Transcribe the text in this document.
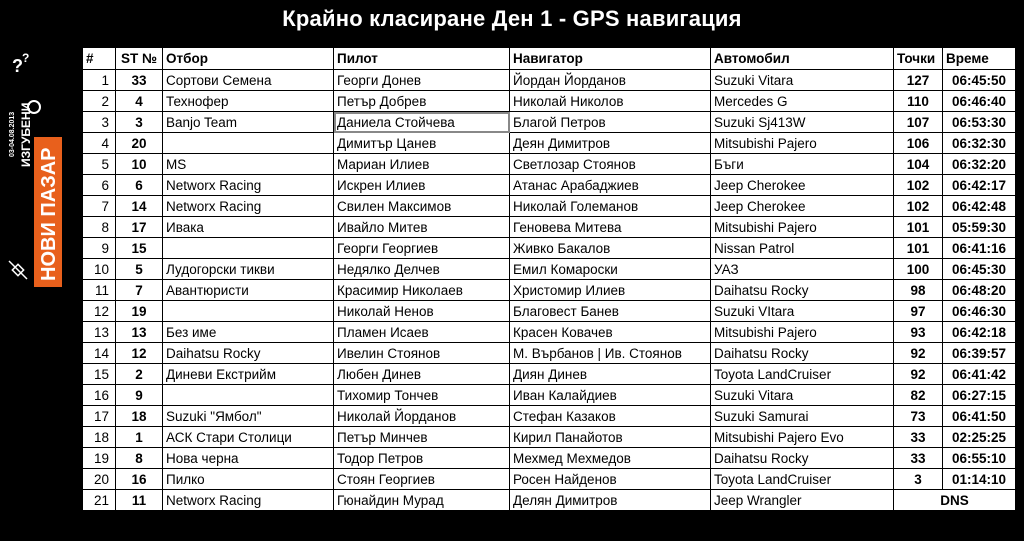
Крайно класиране Ден 1 - GPS навигация
? ?
НОВИ ПАЗАР
ИЗГУБЕНИ
03-04.08.2013
#	ST №	Отбор	Пилот	Навигатор	Автомобил	Точки	Време
1	33	Сортови Семена	Георги Донев	Йордан Йорданов	Suzuki Vitara	127	06:45:50
2	4	Технофер	Петър Добрев	Николай Николов	Mercedes G	110	06:46:40
3	3	Banjo Team	Даниела Стойчева	Благой Петров	Suzuki Sj413W	107	06:53:30
4	20		Димитър Цанев	Деян Димитров	Mitsubishi Pajero	106	06:32:30
5	10	MS	Мариан Илиев	Светлозар Стоянов	Бъги	104	06:32:20
6	6	Networx Racing	Искрен Илиев	Атанас Арабаджиев	Jeep Cherokee	102	06:42:17
7	14	Networx Racing	Свилен Максимов	Николай Големанов	Jeep Cherokee	102	06:42:48
8	17	Ивака	Ивайло Митев	Геновева Митева	Mitsubishi Pajero	101	05:59:30
9	15		Георги Георгиев	Живко Бакалов	Nissan Patrol	101	06:41:16
10	5	Лудогорски тикви	Недялко Делчев	Емил Комароски	УАЗ	100	06:45:30
11	7	Авантюристи	Красимир Николаев	Христомир Илиев	Daihatsu Rocky	98	06:48:20
12	19		Николай Ненов	Благовест Банев	Suzuki VItara	97	06:46:30
13	13	Без име	Пламен Исаев	Красен Ковачев	Mitsubishi Pajero	93	06:42:18
14	12	Daihatsu Rocky	Ивелин Стоянов	М. Върбанов | Ив. Стоянов	Daihatsu Rocky	92	06:39:57
15	2	Диневи Екстрийм	Любен Динев	Диян Динев	Toyota LandCruiser	92	06:41:42
16	9		Тихомир Тончев	Иван Калайдиев	Suzuki Vitara	82	06:27:15
17	18	Suzuki "Ямбол"	Николай Йорданов	Стефан Казаков	Suzuki Samurai	73	06:41:50
18	1	АСК Стари Столици	Петър Минчев	Кирил Панайотов	Mitsubishi Pajero Evo	33	02:25:25
19	8	Нова черна	Тодор Петров	Мехмед Мехмедов	Daihatsu Rocky	33	06:55:10
20	16	Пилко	Стоян Георгиев	Росен Найденов	Toyota LandCruiser	3	01:14:10
21	11	Networx Racing	Гюнайдин Мурад	Делян Димитров	Jeep Wrangler	DNS	
